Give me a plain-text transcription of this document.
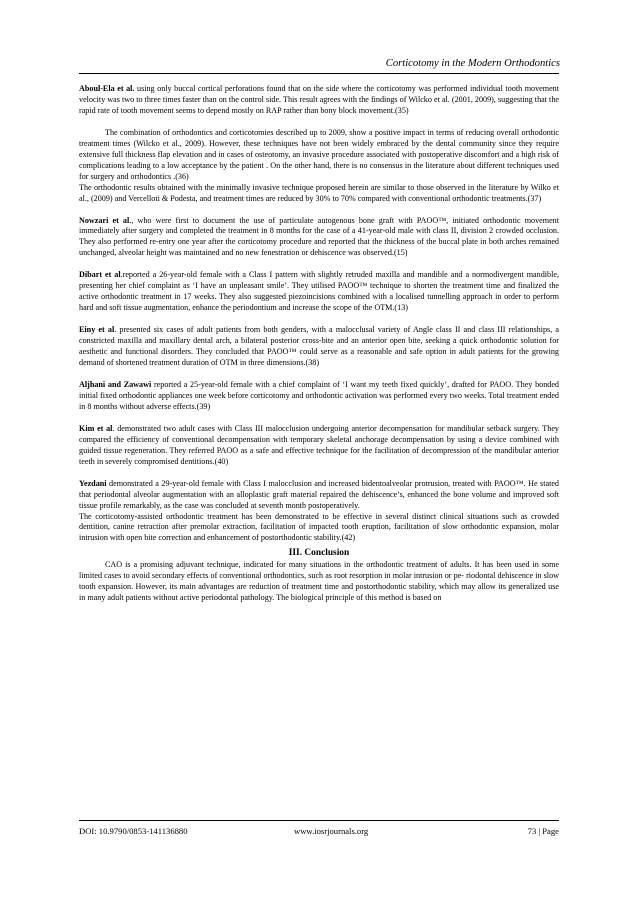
Corticotomy in the Modern Orthodontics

Aboul-Ela et al. using only buccal cortical perforations found that on the side where the corticotomy was performed individual tooth movement velocity was two to three times faster than on the control side. This result agrees with the findings of Wilcko et al. (2001, 2009), suggesting that the rapid rate of tooth movement seems to depend mostly on RAP rather than bony block movement.(35)

The combination of orthodontics and corticotomies described up to 2009, show a positive impact in terms of reducing overall orthodontic treatment times (Wilcko et al., 2009). However, these techniques have not been widely embraced by the dental community since they require extensive full thickness flap elevation and in cases of osteotomy, an invasive procedure associated with postoperative discomfort and a high risk of complications leading to a low acceptance by the patient . On the other hand, there is no consensus in the literature about different techniques used for surgery and orthodontics .(36)

The orthodontic results obtained with the minimally invasive technique proposed herein are similar to those observed in the literature by Wilko et al., (2009) and Vercelloti & Podesta, and treatment times are reduced by 30% to 70% compared with conventional orthodontic treatments.(37)

Nowzari et al., who were first to document the use of particulate autogenous bone graft with PAOO™, initiated orthodontic movement immediately after surgery and completed the treatment in 8 months for the case of a 41-year-old male with class II, division 2 crowded occlusion. They also performed re-entry one year after the corticotomy procedure and reported that the thickness of the buccal plate in both arches remained unchanged, alveolar height was maintained and no new fenestration or dehiscence was observed.(15)

Dibart et al.reported a 26-year-old female with a Class I pattern with slightly retruded maxilla and mandible and a normodivergent mandible, presenting her chief complaint as ‘I have an unpleasant smile’. They utilised PAOO™ technique to shorten the treatment time and finalized the active orthodontic treatment in 17 weeks. They also suggested piezoincisions combined with a localised tunnelling approach in order to perform hard and soft tissue augmentation, enhance the periodontium and increase the scope of the OTM.(13)

Einy et al. presented six cases of adult patients from both genders, with a malocclusal variety of Angle class II and class III relationships, a constricted maxilla and maxillary dental arch, a bilateral posterior cross-bite and an anterior open bite, seeking a quick orthodontic solution for aesthetic and functional disorders. They concluded that PAOO™ could serve as a reasonable and safe option in adult patients for the growing demand of shortened treatment duration of OTM in three dimensions.(38)

Aljhani and Zawawi reported a 25-year-old female with a chief complaint of ‘I want my teeth fixed quickly’, drafted for PAOO. They bonded initial fixed orthodontic appliances one week before corticotomy and orthodontic activation was performed every two weeks. Total treatment ended in 8 months without adverse effects.(39)

Kim et al. demonstrated two adult cases with Class III malocclusion undergoing anterior decompensation for mandibular setback surgery. They compared the efficiency of conventional decompensation with temporary skeletal anchorage decompensation by using a device combined with guided tissue regeneration. They referred PAOO as a safe and effective technique for the facilitation of decompression of the mandibular anterior teeth in severely compromised dentitions.(40)

Yezdani demonstrated a 29-year-old female with Class I malocclusion and increased bidentoalveolar protrusion, treated with PAOO™. He stated that periodontal alveolar augmentation with an alloplastic graft material repaired the dehiscence’s, enhanced the bone volume and improved soft tissue profile remarkably, as the case was concluded at seventh month postoperatively.

The corticotomy-assisted orthodontic treatment has been demonstrated to be effective in several distinct clinical situations such as crowded dentition, canine retraction after premolar extraction, facilitation of impacted tooth eruption, facilitation of slow orthodontic expansion, molar intrusion with open bite correction and enhancement of postorthodontic stability.(42)

III. Conclusion

CAO is a promising adjuvant technique, indicated for many situations in the orthodontic treatment of adults. It has been used in some limited cases to avoid secondary effects of conventional orthodontics, such as root resorption in molar intrusion or pe- riodontal dehiscence in slow tooth expansion. However, its main advantages are reduction of treatment time and postorthodontic stability, which may allow its generalized use in many adult patients without active periodontal pathology. The biological principle of this method is based on

DOI: 10.9790/0853-141136880	www.iosrjournals.org	73 | Page
